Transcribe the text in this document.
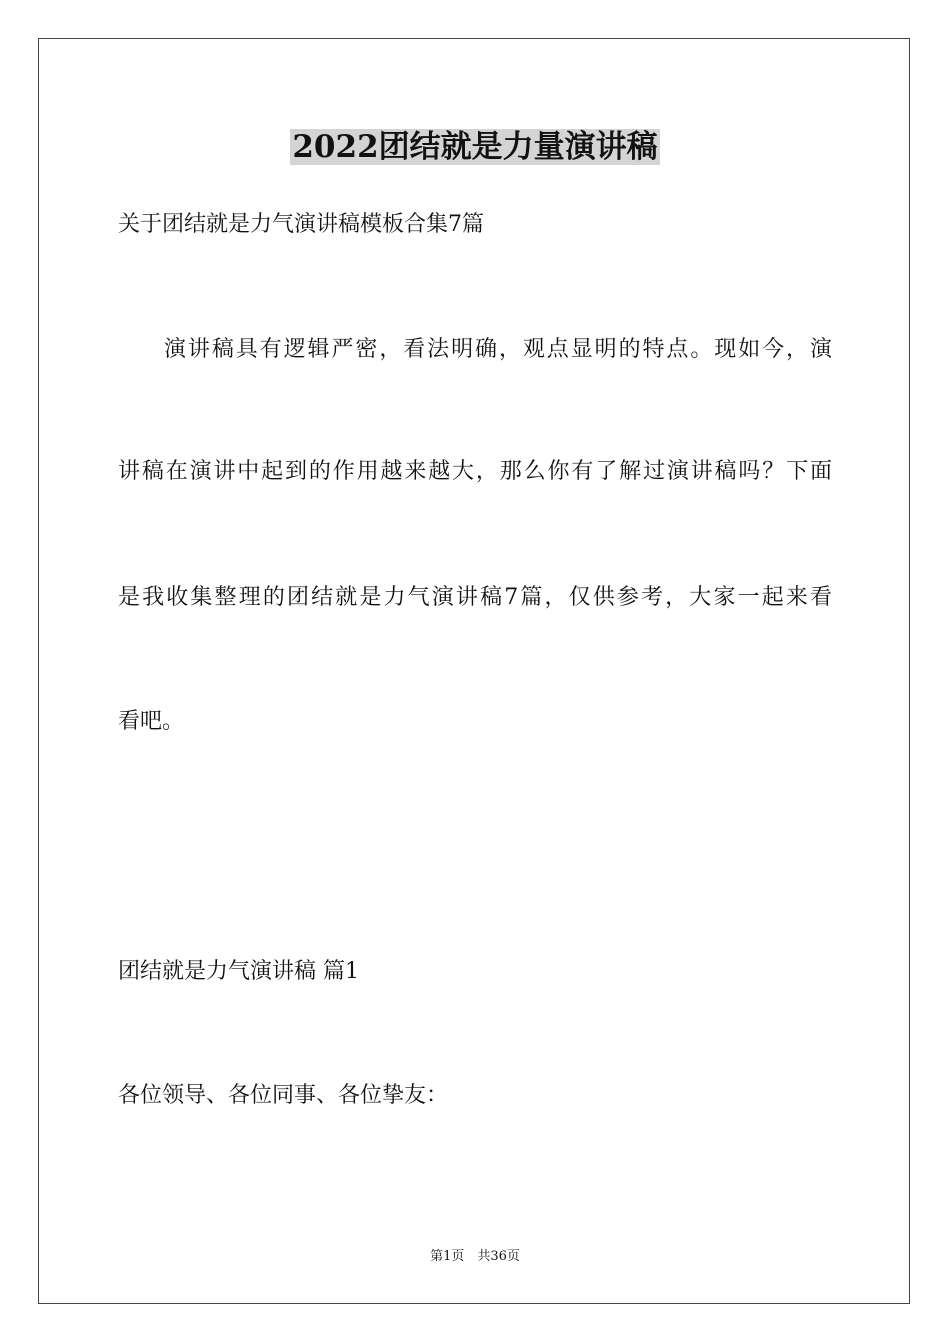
2022团结就是力量演讲稿
关于团结就是力气演讲稿模板合集7篇
演讲稿具有逻辑严密，看法明确，观点显明的特点。现如今，演
讲稿在演讲中起到的作用越来越大，那么你有了解过演讲稿吗？下面
是我收集整理的团结就是力气演讲稿7篇，仅供参考，大家一起来看
看吧。
团结就是力气演讲稿 篇1
各位领导、各位同事、各位挚友：
第1页　共36页
